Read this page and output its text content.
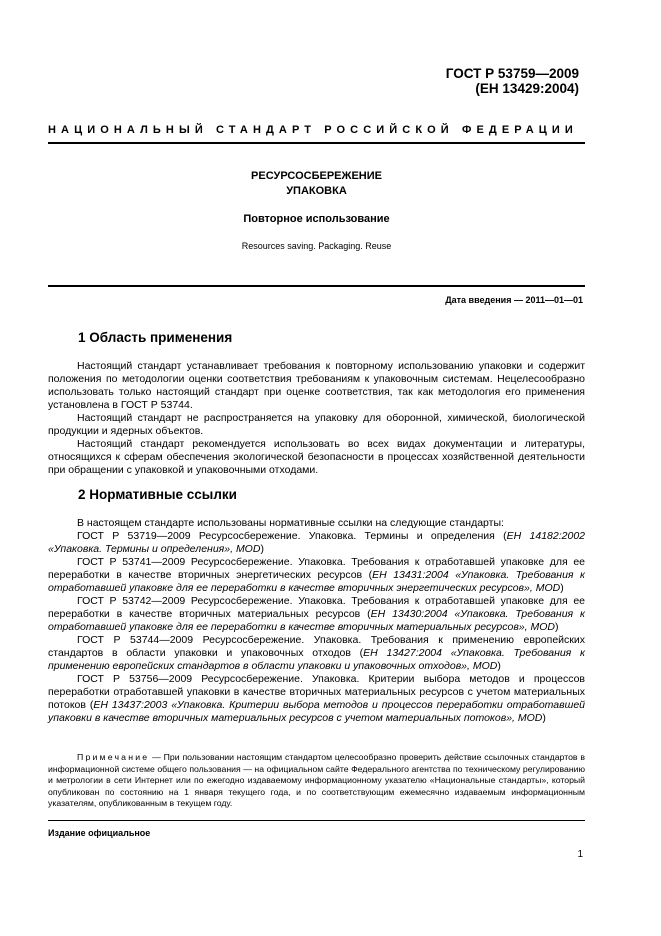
ГОСТ Р 53759—2009
(ЕН 13429:2004)
НАЦИОНАЛЬНЫЙ СТАНДАРТ РОССИЙСКОЙ ФЕДЕРАЦИИ
РЕСУРСОСБЕРЕЖЕНИЕ
УПАКОВКА
Повторное использование
Resources saving. Packaging. Reuse
Дата введения — 2011—01—01
1 Область применения

Настоящий стандарт устанавливает требования к повторному использованию упаковки и содержит положения по методологии оценки соответствия требованиям к упаковочным системам. Нецелесообразно использовать только настоящий стандарт при оценке соответствия, так как методология его применения установлена в ГОСТ Р 53744.

Настоящий стандарт не распространяется на упаковку для оборонной, химической, биологической продукции и ядерных объектов.

Настоящий стандарт рекомендуется использовать во всех видах документации и литературы, относящихся к сферам обеспечения экологической безопасности в процессах хозяйственной деятельности при обращении с упаковкой и упаковочными отходами.

2 Нормативные ссылки

В настоящем стандарте использованы нормативные ссылки на следующие стандарты:

ГОСТ Р 53719—2009 Ресурсосбережение. Упаковка. Термины и определения (ЕН 14182:2002 «Упаковка. Термины и определения», MOD)

ГОСТ Р 53741—2009 Ресурсосбережение. Упаковка. Требования к отработавшей упаковке для ее переработки в качестве вторичных энергетических ресурсов (ЕН 13431:2004 «Упаковка. Требования к отработавшей упаковке для ее переработки в качестве вторичных энергетических ресурсов», MOD)

ГОСТ Р 53742—2009 Ресурсосбережение. Упаковка. Требования к отработавшей упаковке для ее переработки в качестве вторичных материальных ресурсов (ЕН 13430:2004 «Упаковка. Требования к отработавшей упаковке для ее переработки в качестве вторичных материальных ресурсов», MOD)

ГОСТ Р 53744—2009 Ресурсосбережение. Упаковка. Требования к применению европейских стандартов в области упаковки и упаковочных отходов (ЕН 13427:2004 «Упаковка. Требования к применению европейских стандартов в области упаковки и упаковочных отходов», MOD)

ГОСТ Р 53756—2009 Ресурсосбережение. Упаковка. Критерии выбора методов и процессов переработки отработавшей упаковки в качестве вторичных материальных ресурсов с учетом материальных потоков (ЕН 13437:2003 «Упаковка. Критерии выбора методов и процессов переработки отработавшей упаковки в качестве вторичных материальных ресурсов с учетом материальных потоков», MOD)

Примечание — При пользовании настоящим стандартом целесообразно проверить действие ссылочных стандартов в информационной системе общего пользования — на официальном сайте Федерального агентства по техническому регулированию и метрологии в сети Интернет или по ежегодно издаваемому информационному указателю «Национальные стандарты», который опубликован по состоянию на 1 января текущего года, и по соответствующим ежемесячно издаваемым информационным указателям, опубликованным в текущем году.

Издание официальное
1
